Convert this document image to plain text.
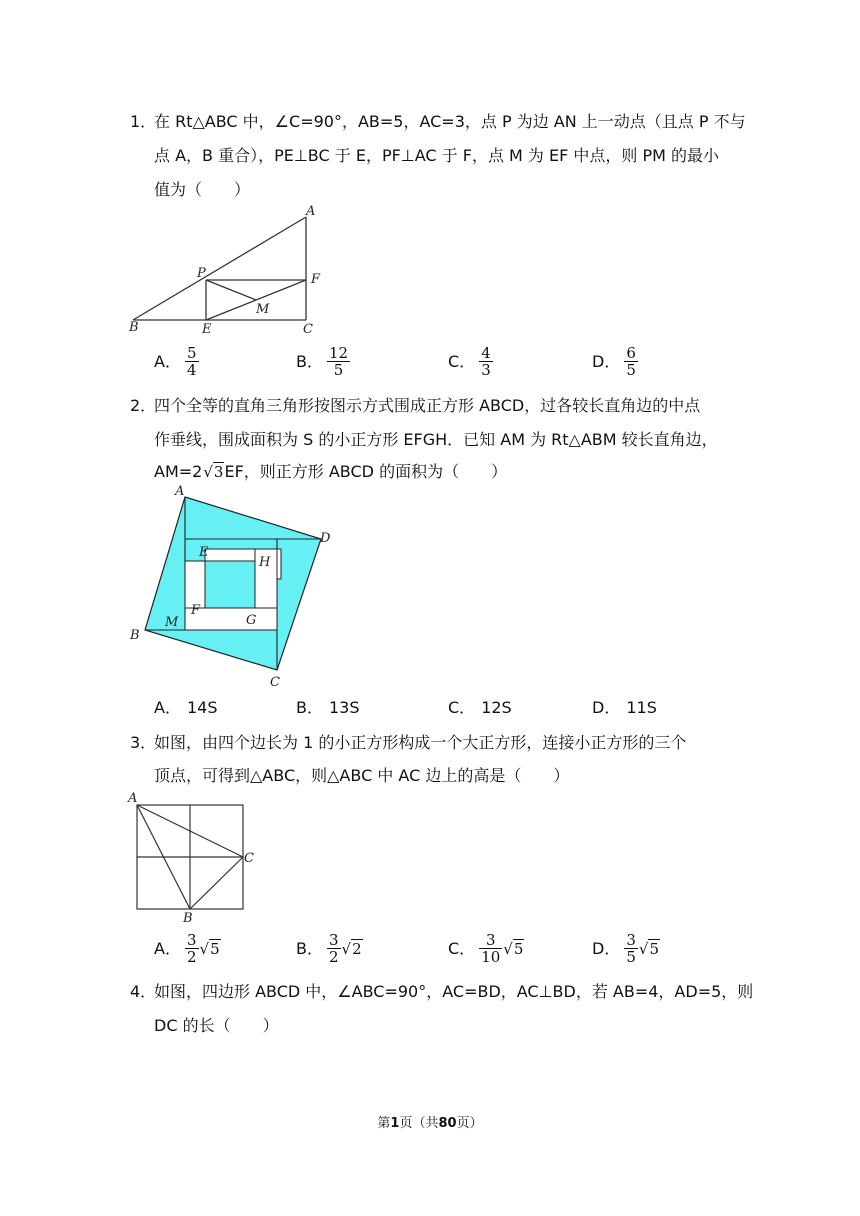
1．
在 Rt△ABC 中，∠C=90°，AB=5，AC=3，点 P 为边 AN 上一动点（且点 P 不与
点 A，B 重合），PE⊥BC 于 E，PF⊥AC 于 F，点 M 为 EF 中点，则 PM 的最小
值为（　　）
A
P	F
M
B	E	C
A． $\frac{5}{4}$	B． $\frac{12}{5}$	C． $\frac{4}{3}$	D． $\frac{6}{5}$
2．
四个全等的直角三角形按图示方式围成正方形 ABCD，过各较长直角边的中点
作垂线，围成面积为 S 的小正方形 EFGH．已知 AM 为 Rt△ABM 较长直角边，
AM=2√3EF，则正方形 ABCD 的面积为（　　）
A
D
E
H
F
G
M
B
C
A． 14S	B． 13S	C． 12S	D． 11S
3．
如图，由四个边长为 1 的小正方形构成一个大正方形，连接小正方形的三个
顶点，可得到△ABC，则△ABC 中 AC 边上的高是（　　）
A
C
B
A． $\frac{3}{2} √5$	B． $\frac{3}{2} √2$	C． $\frac{3}{10} √5$	D． $\frac{3}{5} √5$
4．
如图，四边形 ABCD 中，∠ABC=90°，AC=BD，AC⊥BD，若 AB=4，AD=5，则
DC 的长（　　）
第1页（共80页）
